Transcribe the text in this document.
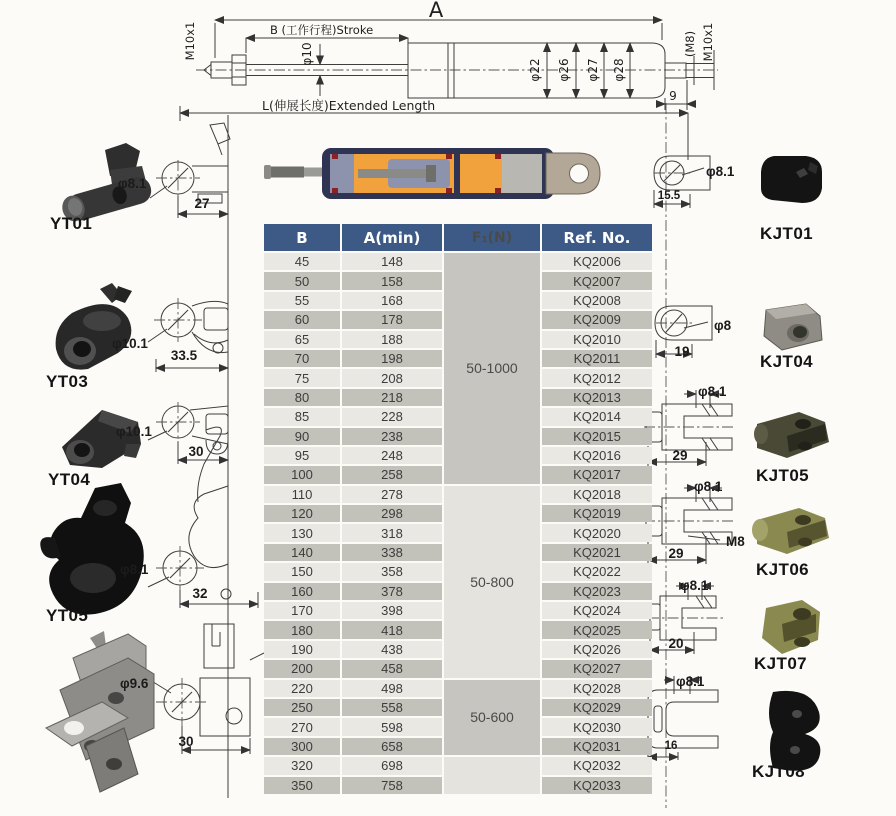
A
B (工作行程)Stroke
L(伸展长度)Extended Length
φ10
M10x1
φ22 φ26 φ27 φ28
(M8) M10x1
9
φ8.1
27
YT01
φ10.1
33.5
YT03
φ10.1
30
YT04
φ8.1
32
YT05
φ9.6
30
φ8.1
15.5
KJT01
φ8
19
KJT04
φ8.1
29
KJT05
φ8.1
M8
29
KJT06
φ8.1
20
KJT07
φ8.1
16
KJT08
B	A(min)	F₁(N)	Ref. No.
45	148	50-1000	KQ2006
50	158		KQ2007
55	168		KQ2008
60	178		KQ2009
65	188		KQ2010
70	198		KQ2011
75	208		KQ2012
80	218		KQ2013
85	228		KQ2014
90	238		KQ2015
95	248		KQ2016
100	258		KQ2017
110	278	50-800	KQ2018
120	298		KQ2019
130	318		KQ2020
140	338		KQ2021
150	358		KQ2022
160	378		KQ2023
170	398		KQ2024
180	418		KQ2025
190	438		KQ2026
200	458		KQ2027
220	498	50-600	KQ2028
250	558		KQ2029
270	598		KQ2030
300	658		KQ2031
320	698		KQ2032
350	758		KQ2033
